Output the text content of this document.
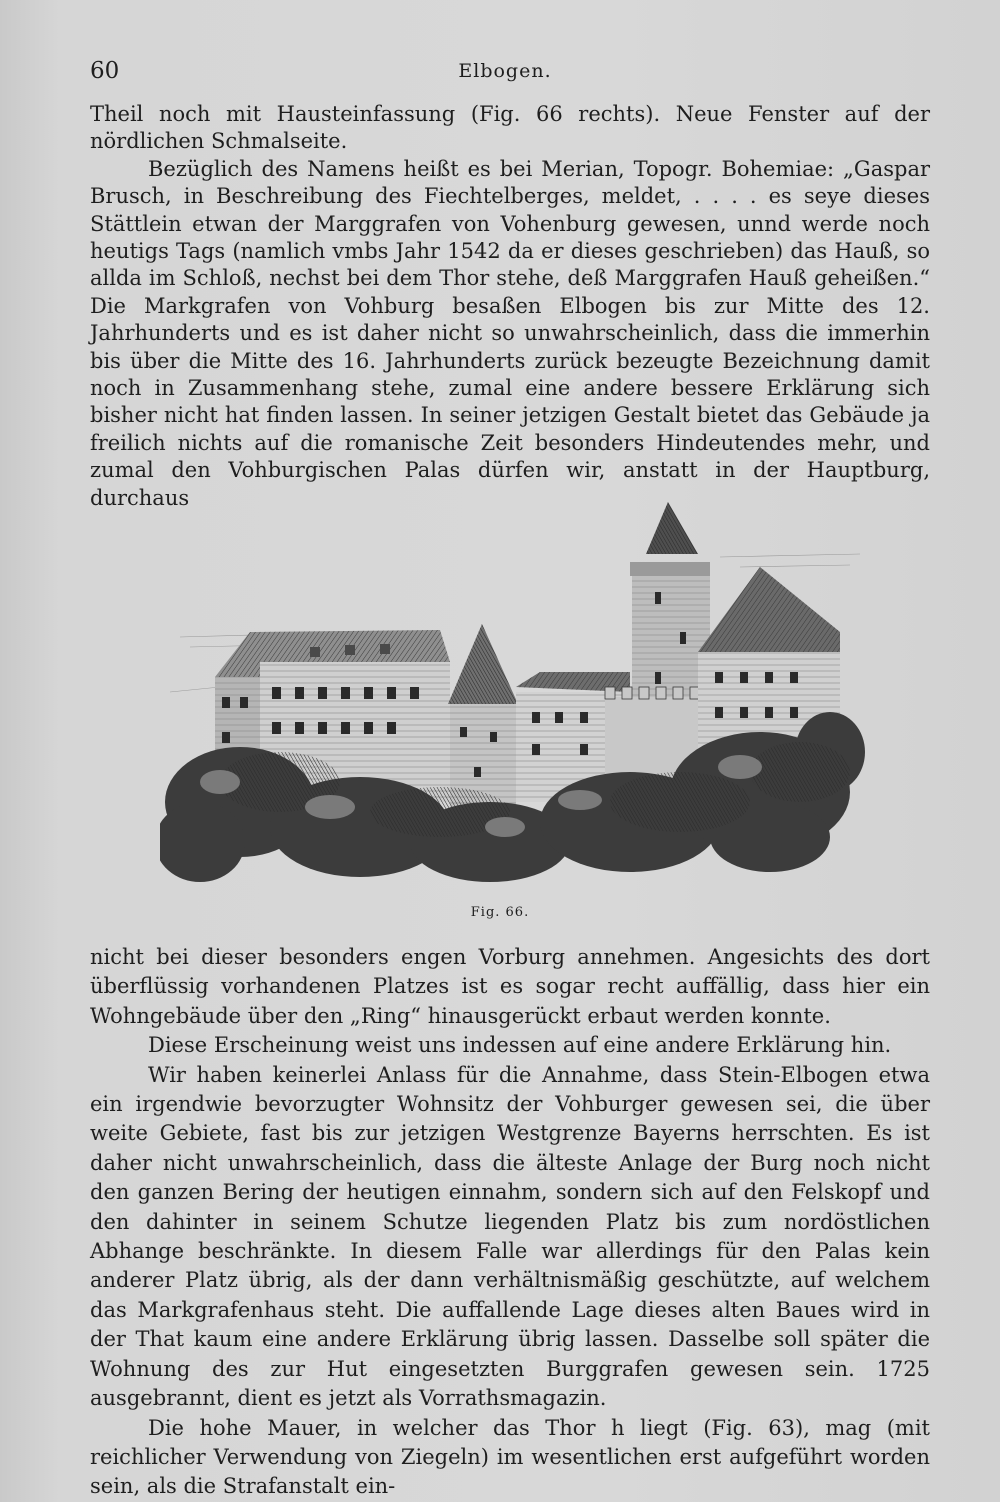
60	Elbogen.
Theil noch mit Hausteinfassung (Fig. 66 rechts). Neue Fenster auf der nördlichen Schmalseite.
Bezüglich des Namens heißt es bei Merian, Topogr. Bohemiae: „Gaspar Brusch, in Beschreibung des Fiechtelberges, meldet, . . . . es seye dieses Stättlein etwan der Marggrafen von Vohenburg gewesen, unnd werde noch heutigs Tags (namlich vmbs Jahr 1542 da er dieses geschrieben) das Hauß, so allda im Schloß, nechst bei dem Thor stehe, deß Marggrafen Hauß geheißen.“ Die Markgrafen von Vohburg besaßen Elbogen bis zur Mitte des 12. Jahrhunderts und es ist daher nicht so unwahrscheinlich, dass die immerhin bis über die Mitte des 16. Jahrhunderts zurück bezeugte Bezeichnung damit noch in Zusammenhang stehe, zumal eine andere bessere Erklärung sich bisher nicht hat finden lassen. In seiner jetzigen Gestalt bietet das Gebäude ja freilich nichts auf die romanische Zeit besonders Hindeutendes mehr, und zumal den Vohburgischen Palas dürfen wir, anstatt in der Hauptburg, durchaus
Fig. 66.
nicht bei dieser besonders engen Vorburg annehmen. Angesichts des dort überflüssig vorhandenen Platzes ist es sogar recht auffällig, dass hier ein Wohngebäude über den „Ring“ hinausgerückt erbaut werden konnte.
Diese Erscheinung weist uns indessen auf eine andere Erklärung hin.
Wir haben keinerlei Anlass für die Annahme, dass Stein-Elbogen etwa ein irgendwie bevorzugter Wohnsitz der Vohburger gewesen sei, die über weite Gebiete, fast bis zur jetzigen Westgrenze Bayerns herrschten. Es ist daher nicht unwahrscheinlich, dass die älteste Anlage der Burg noch nicht den ganzen Bering der heutigen einnahm, sondern sich auf den Felskopf und den dahinter in seinem Schutze liegenden Platz bis zum nordöstlichen Abhange beschränkte. In diesem Falle war allerdings für den Palas kein anderer Platz übrig, als der dann verhältnismäßig geschützte, auf welchem das Markgrafenhaus steht. Die auffallende Lage dieses alten Baues wird in der That kaum eine andere Erklärung übrig lassen. Dasselbe soll später die Wohnung des zur Hut eingesetzten Burggrafen gewesen sein. 1725 ausgebrannt, dient es jetzt als Vorrathsmagazin.
Die hohe Mauer, in welcher das Thor h liegt (Fig. 63), mag (mit reichlicher Verwendung von Ziegeln) im wesentlichen erst aufgeführt worden sein, als die Strafanstalt ein-
